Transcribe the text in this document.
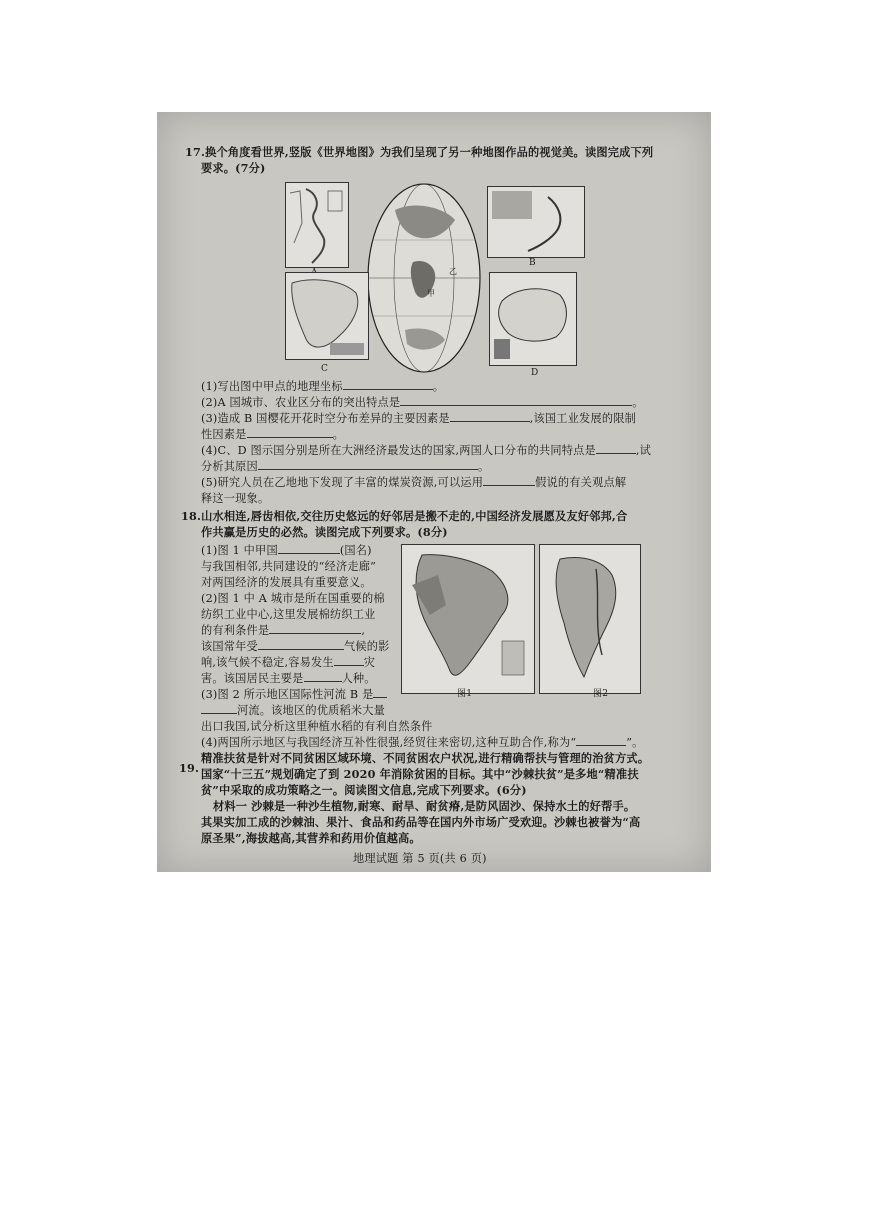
17.换个角度看世界,竖版《世界地图》为我们呈现了另一种地图作品的视觉美。读图完成下列
要求。(7分)
甲
乙
B
C	D
(1)写出图中甲点的地理坐标	。
(2)A 国城市、农业区分布的突出特点是	。
(3)造成 B 国樱花开花时空分布差异的主要因素是	,该国工业发展的限制
性因素是	。
(4)C、D 图示国分别是所在大洲经济最发达的国家,两国人口分布的共同特点是	,试
分析其原因	。
(5)研究人员在乙地地下发现了丰富的煤炭资源,可以运用	假说的有关观点解
释这一现象。
18.山水相连,唇齿相依,交往历史悠远的好邻居是搬不走的,中国经济发展愿及友好邻邦,合
作共赢是历史的必然。读图完成下列要求。(8分)
(1)图 1 中甲国	(国名)
与我国相邻,共同建设的“经济走廊”
对两国经济的发展具有重要意义。
(2)图 1 中 A 城市是所在国重要的棉
纺织工业中心,这里发展棉纺织工业
的有利条件是	,
该国常年受	气候的影
响,该气候不稳定,容易发生	灾
害。该国居民主要是	人种。
(3)图 2 所示地区国际性河流 B 是
河流。该地区的优质稻米大量
出口我国,试分析这里种植水稻的有利自然条件
(4)两国所示地区与我国经济互补性很强,经贸往来密切,这种互助合作,称为“	”。
图1	图2
精准扶贫是针对不同贫困区域环境、不同贫困农户状况,进行精确帮扶与管理的治贫方式。
19. 国家“十三五”规划确定了到 2020 年消除贫困的目标。其中“沙棘扶贫”是多地“精准扶
贫”中采取的成功策略之一。阅读图文信息,完成下列要求。(6分)
材料一 沙棘是一种沙生植物,耐寒、耐旱、耐贫瘠,是防风固沙、保持水土的好帮手。
其果实加工成的沙棘油、果汁、食品和药品等在国内外市场广受欢迎。沙棘也被誉为“高
原圣果”,海拔越高,其营养和药用价值越高。
地理试题 第 5 页(共 6 页)
